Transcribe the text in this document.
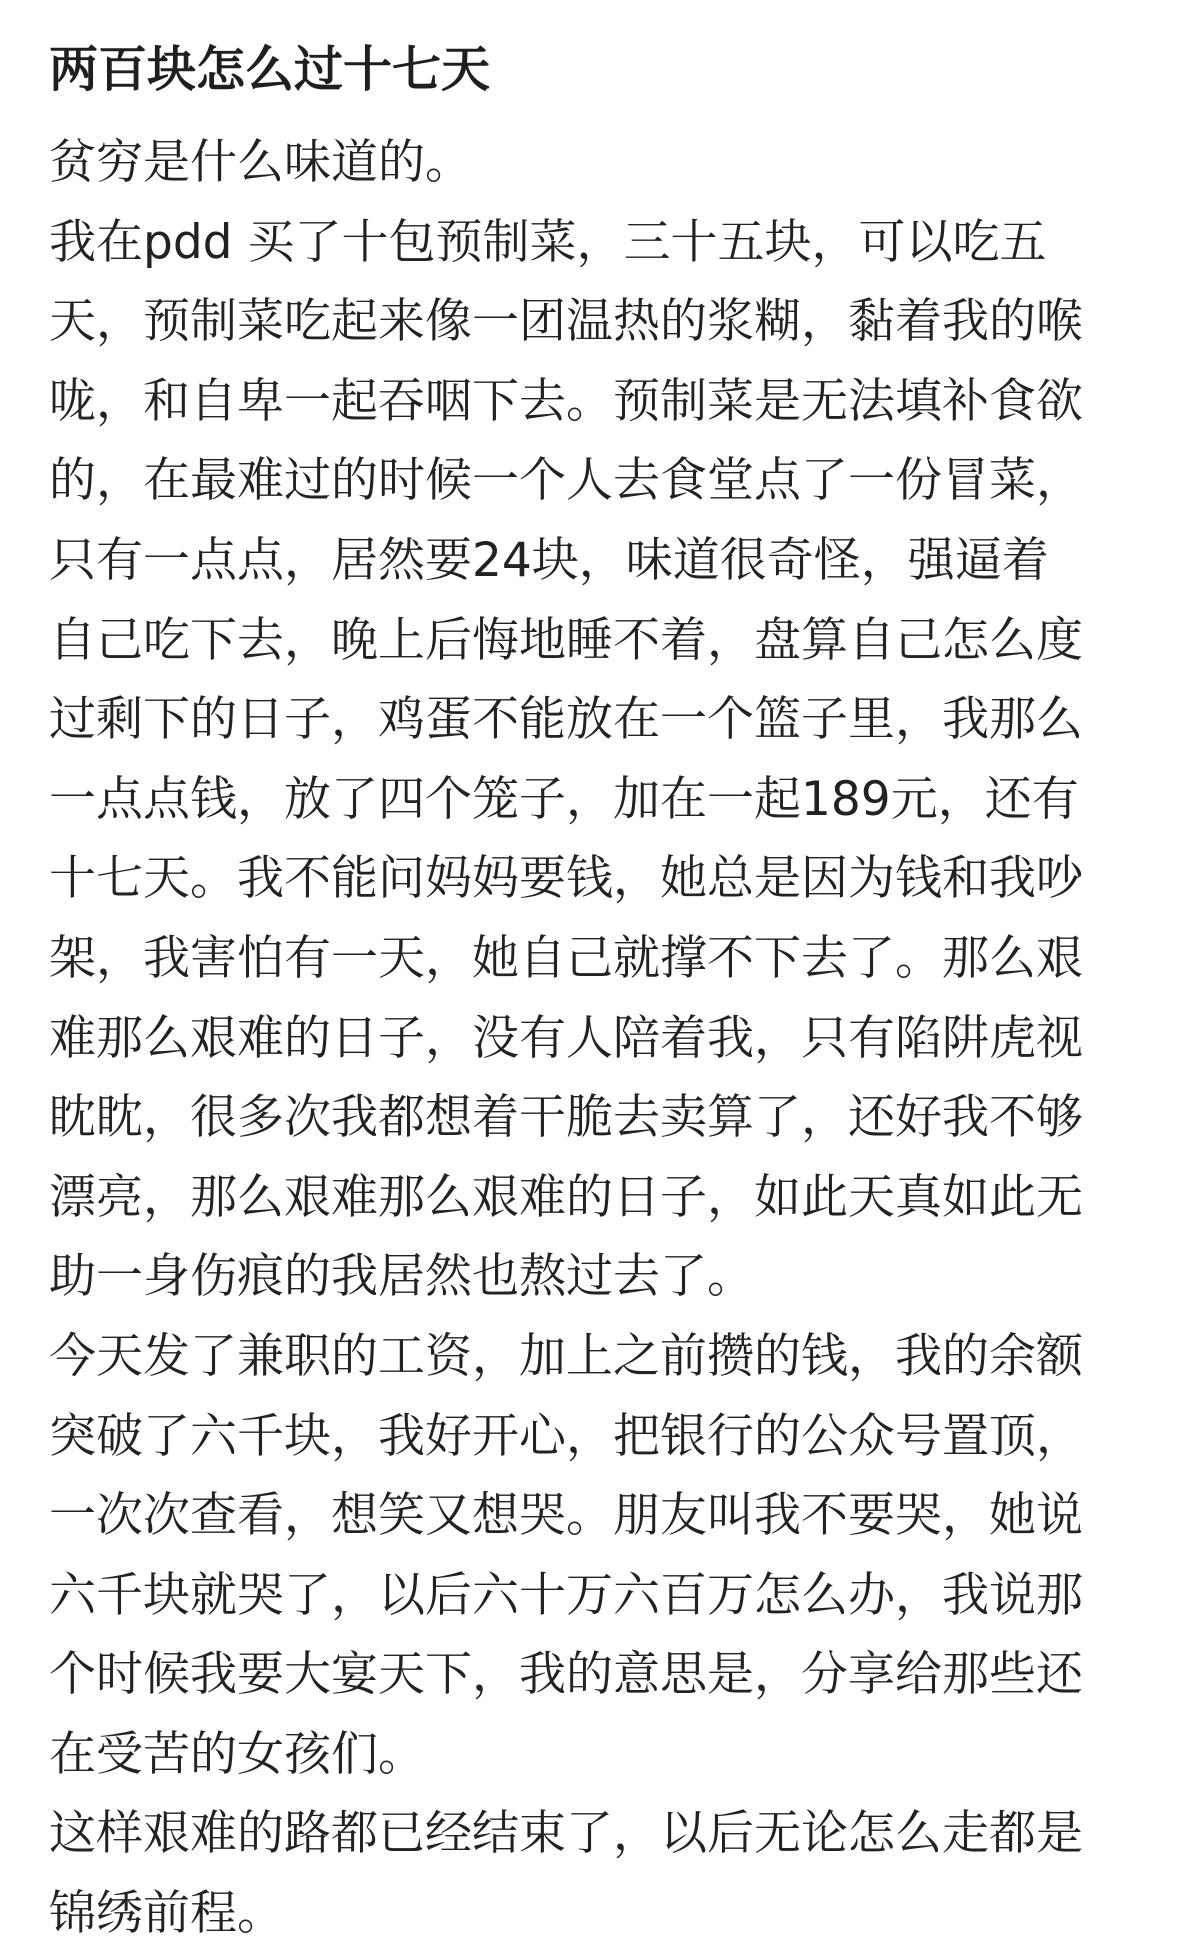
两百块怎么过十七天
贫穷是什么味道的。
我在pdd 买了十包预制菜，三十五块，可以吃五
天，预制菜吃起来像一团温热的浆糊，黏着我的喉
咙，和自卑一起吞咽下去。预制菜是无法填补食欲
的，在最难过的时候一个人去食堂点了一份冒菜，
只有一点点，居然要24块，味道很奇怪，强逼着
自己吃下去，晚上后悔地睡不着，盘算自己怎么度
过剩下的日子，鸡蛋不能放在一个篮子里，我那么
一点点钱，放了四个笼子，加在一起189元，还有
十七天。我不能问妈妈要钱，她总是因为钱和我吵
架，我害怕有一天，她自己就撑不下去了。那么艰
难那么艰难的日子，没有人陪着我，只有陷阱虎视
眈眈，很多次我都想着干脆去卖算了，还好我不够
漂亮，那么艰难那么艰难的日子，如此天真如此无
助一身伤痕的我居然也熬过去了。
今天发了兼职的工资，加上之前攒的钱，我的余额
突破了六千块，我好开心，把银行的公众号置顶，
一次次查看，想笑又想哭。朋友叫我不要哭，她说
六千块就哭了，以后六十万六百万怎么办，我说那
个时候我要大宴天下，我的意思是，分享给那些还
在受苦的女孩们。
这样艰难的路都已经结束了，以后无论怎么走都是
锦绣前程。
